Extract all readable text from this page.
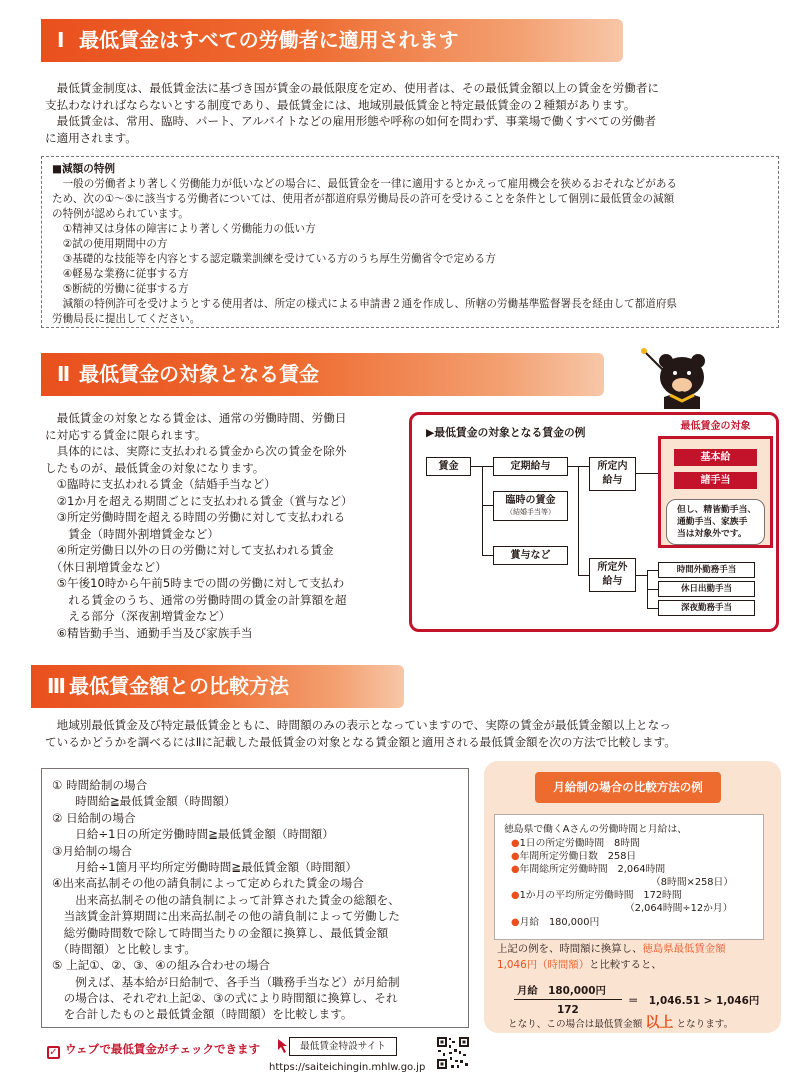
Ⅰ 最低賃金はすべての労働者に適用されます
　最低賃金制度は、最低賃金法に基づき国が賃金の最低限度を定め、使用者は、その最低賃金額以上の賃金を労働者に
支払わなければならないとする制度であり、最低賃金には、地域別最低賃金と特定最低賃金の２種類があります。
　最低賃金は、常用、臨時、パート、アルバイトなどの雇用形態や呼称の如何を問わず、事業場で働くすべての労働者
に適用されます。
■減額の特例
　一般の労働者より著しく労働能力が低いなどの場合に、最低賃金を一律に適用するとかえって雇用機会を狭めるおそれなどがある
ため、次の①～⑤に該当する労働者については、使用者が都道府県労働局長の許可を受けることを条件として個別に最低賃金の減額
の特例が認められています。
　①精神又は身体の障害により著しく労働能力の低い方
　②試の使用期間中の方
　③基礎的な技能等を内容とする認定職業訓練を受けている方のうち厚生労働省令で定める方
　④軽易な業務に従事する方
　⑤断続的労働に従事する方
　減額の特例許可を受けようとする使用者は、所定の様式による申請書２通を作成し、所轄の労働基準監督署長を経由して都道府県
労働局長に提出してください。
Ⅱ 最低賃金の対象となる賃金
　最低賃金の対象となる賃金は、通常の労働時間、労働日
に対応する賃金に限られます。
　具体的には、実際に支払われる賃金から次の賃金を除外
したものが、最低賃金の対象になります。
　①臨時に支払われる賃金（結婚手当など）
　②1か月を超える期間ごとに支払われる賃金（賞与など）
　③所定労働時間を超える時間の労働に対して支払われる
　　賃金（時間外割増賃金など）
　④所定労働日以外の日の労働に対して支払われる賃金
　（休日割増賃金など）
　⑤午後10時から午前5時までの間の労働に対して支払わ
　　れる賃金のうち、通常の労働時間の賃金の計算額を超
　　える部分（深夜割増賃金など）
　⑥精皆勤手当、通勤手当及び家族手当
▶最低賃金の対象となる賃金の例	最低賃金の対象
基本給
諸手当
但し、精皆勤手当、
通勤手当、家族手
当は対象外です。
賃金	定期給与
臨時の賃金
（結婚手当等）
賞与など
所定内
給与
所定外
給与
時間外勤務手当
休日出勤手当
深夜勤務手当
Ⅲ 最低賃金額との比較方法
　地域別最低賃金及び特定最低賃金ともに、時間額のみの表示となっていますので、実際の賃金が最低賃金額以上となっ
ているかどうかを調べるにはⅡに記載した最低賃金の対象となる賃金額と適用される最低賃金額を次の方法で比較します。
① 時間給制の場合
　　時間給≧最低賃金額（時間額）
② 日給制の場合
　　日給÷1日の所定労働時間≧最低賃金額（時間額）
③月給制の場合
　　月給÷1箇月平均所定労働時間≧最低賃金額（時間額）
④出来高払制その他の請負制によって定められた賃金の場合
　　出来高払制その他の請負制によって計算された賃金の総額を、
　当該賃金計算期間に出来高払制その他の請負制によって労働した
　総労働時間数で除して時間当たりの金額に換算し、最低賃金額
　（時間額）と比較します。
⑤ 上記①、②、③、④の組み合わせの場合
　　例えば、基本給が日給制で、各手当（職務手当など）が月給制
　の場合は、それぞれ上記②、③の式により時間額に換算し、それ
　を合計したものと最低賃金額（時間額）を比較します。
月給制の場合の比較方法の例
徳島県で働くAさんの労働時間と月給は、
●1日の所定労働時間　8時間
●年間所定労働日数　258日
●年間総所定労働時間　2,064時間
（8時間×258日）
●1か月の平均所定労働時間　172時間
（2,064時間÷12か月）
●月給　180,000円
上記の例を、時間額に換算し、徳島県最低賃金額
1,046円（時間額）と比較すると、
月給　180,000円
172
＝　1,046.51 > 1,046円
となり、この場合は最低賃金額 以上 となります。
✓ ウェブで最低賃金がチェックできます	最低賃金特設サイト
https://saiteichingin.mhlw.go.jp
